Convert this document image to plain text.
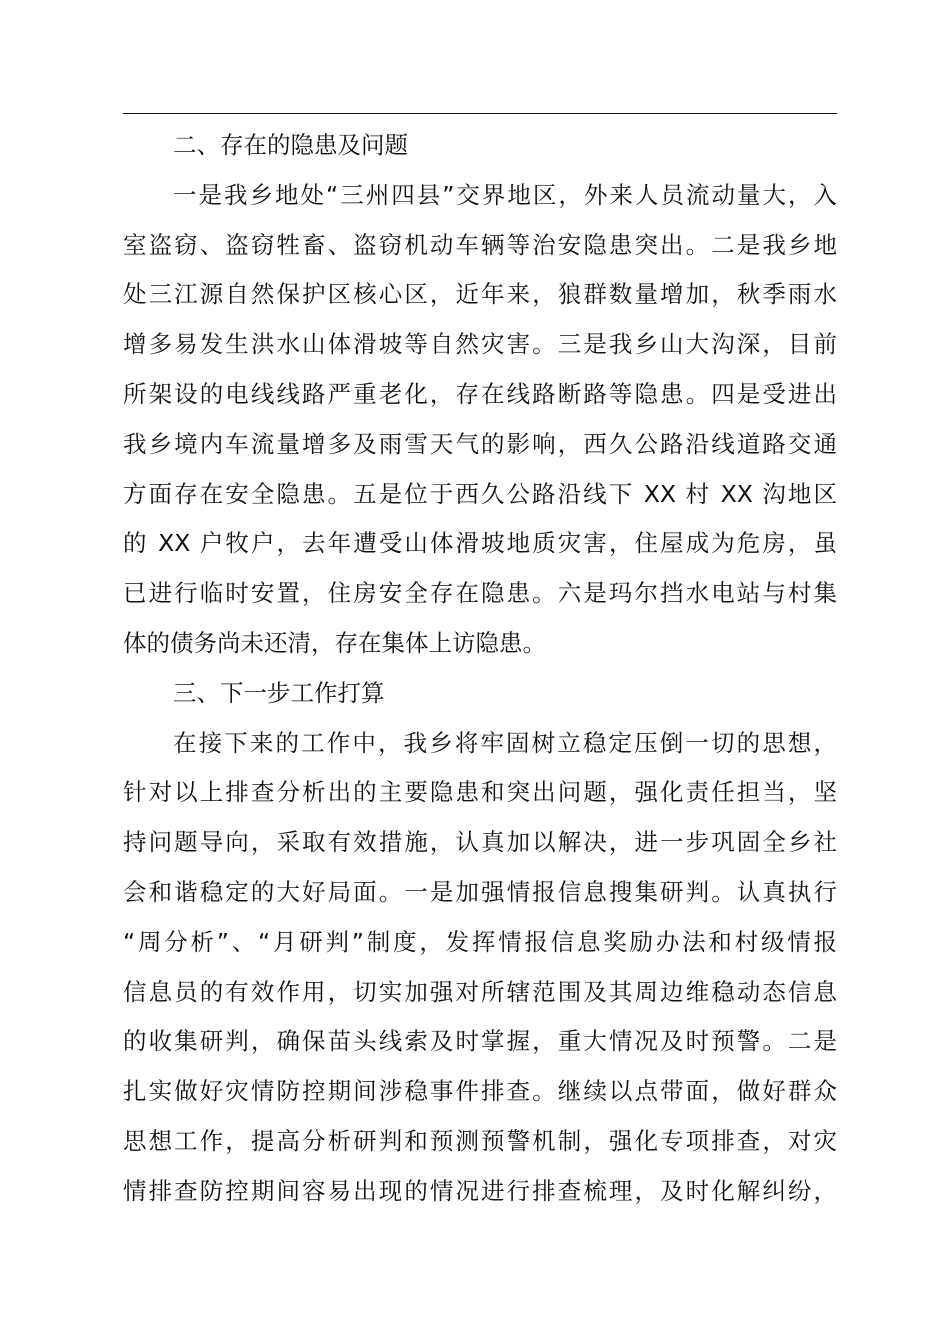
二、存在的隐患及问题
一是我乡地处“三州四县”交界地区，外来人员流动量大，入
室盗窃、盗窃牲畜、盗窃机动车辆等治安隐患突出。二是我乡地
处三江源自然保护区核心区，近年来，狼群数量增加，秋季雨水
增多易发生洪水山体滑坡等自然灾害。三是我乡山大沟深，目前
所架设的电线线路严重老化，存在线路断路等隐患。四是受进出
我乡境内车流量增多及雨雪天气的影响，西久公路沿线道路交通
方面存在安全隐患。五是位于西久公路沿线下 XX 村 XX 沟地区
的 XX 户牧户，去年遭受山体滑坡地质灾害，住屋成为危房，虽
已进行临时安置，住房安全存在隐患。六是玛尔挡水电站与村集
体的债务尚未还清，存在集体上访隐患。
三、下一步工作打算
在接下来的工作中，我乡将牢固树立稳定压倒一切的思想，
针对以上排查分析出的主要隐患和突出问题，强化责任担当，坚
持问题导向，采取有效措施，认真加以解决，进一步巩固全乡社
会和谐稳定的大好局面。一是加强情报信息搜集研判。认真执行
“周分析”、“月研判”制度，发挥情报信息奖励办法和村级情报
信息员的有效作用，切实加强对所辖范围及其周边维稳动态信息
的收集研判，确保苗头线索及时掌握，重大情况及时预警。二是
扎实做好灾情防控期间涉稳事件排查。继续以点带面，做好群众
思想工作，提高分析研判和预测预警机制，强化专项排查，对灾
情排查防控期间容易出现的情况进行排查梳理，及时化解纠纷，
